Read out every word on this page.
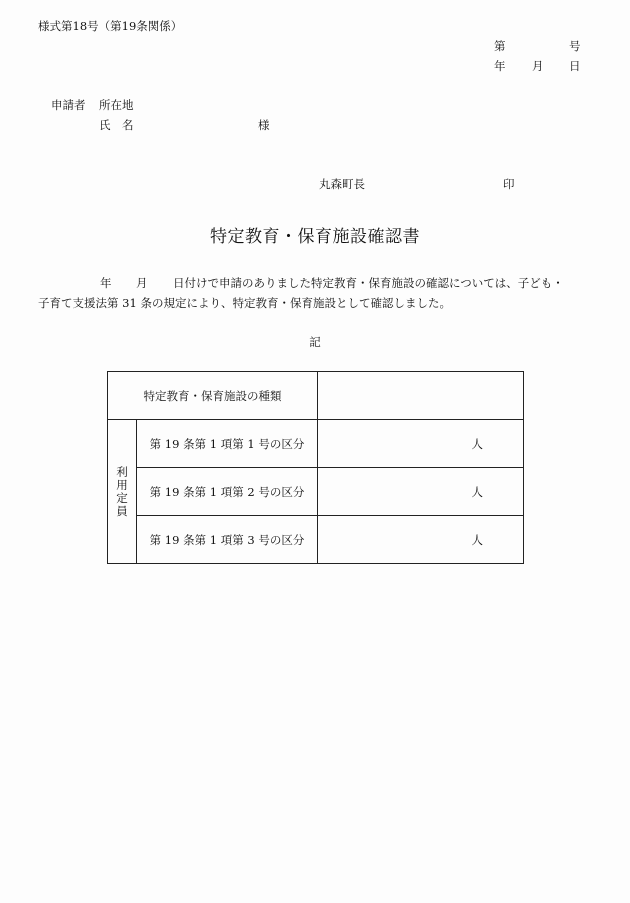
様式第18号（第19条関係）
第	号
年 月 日
申請者 所在地
氏　名	様
丸森町長	印
特定教育・保育施設確認書
年 月 日付けで申請のありました特定教育・保育施設の確認については、子ども・
子育て支援法第 31 条の規定により、特定教育・保育施設として確認しました。
記
特定教育・保育施設の種類		

利
用
定
員	第 19 条第 1 項第 1 号の区分	人
	第 19 条第 1 項第 2 号の区分	人
	第 19 条第 1 項第 3 号の区分	人
